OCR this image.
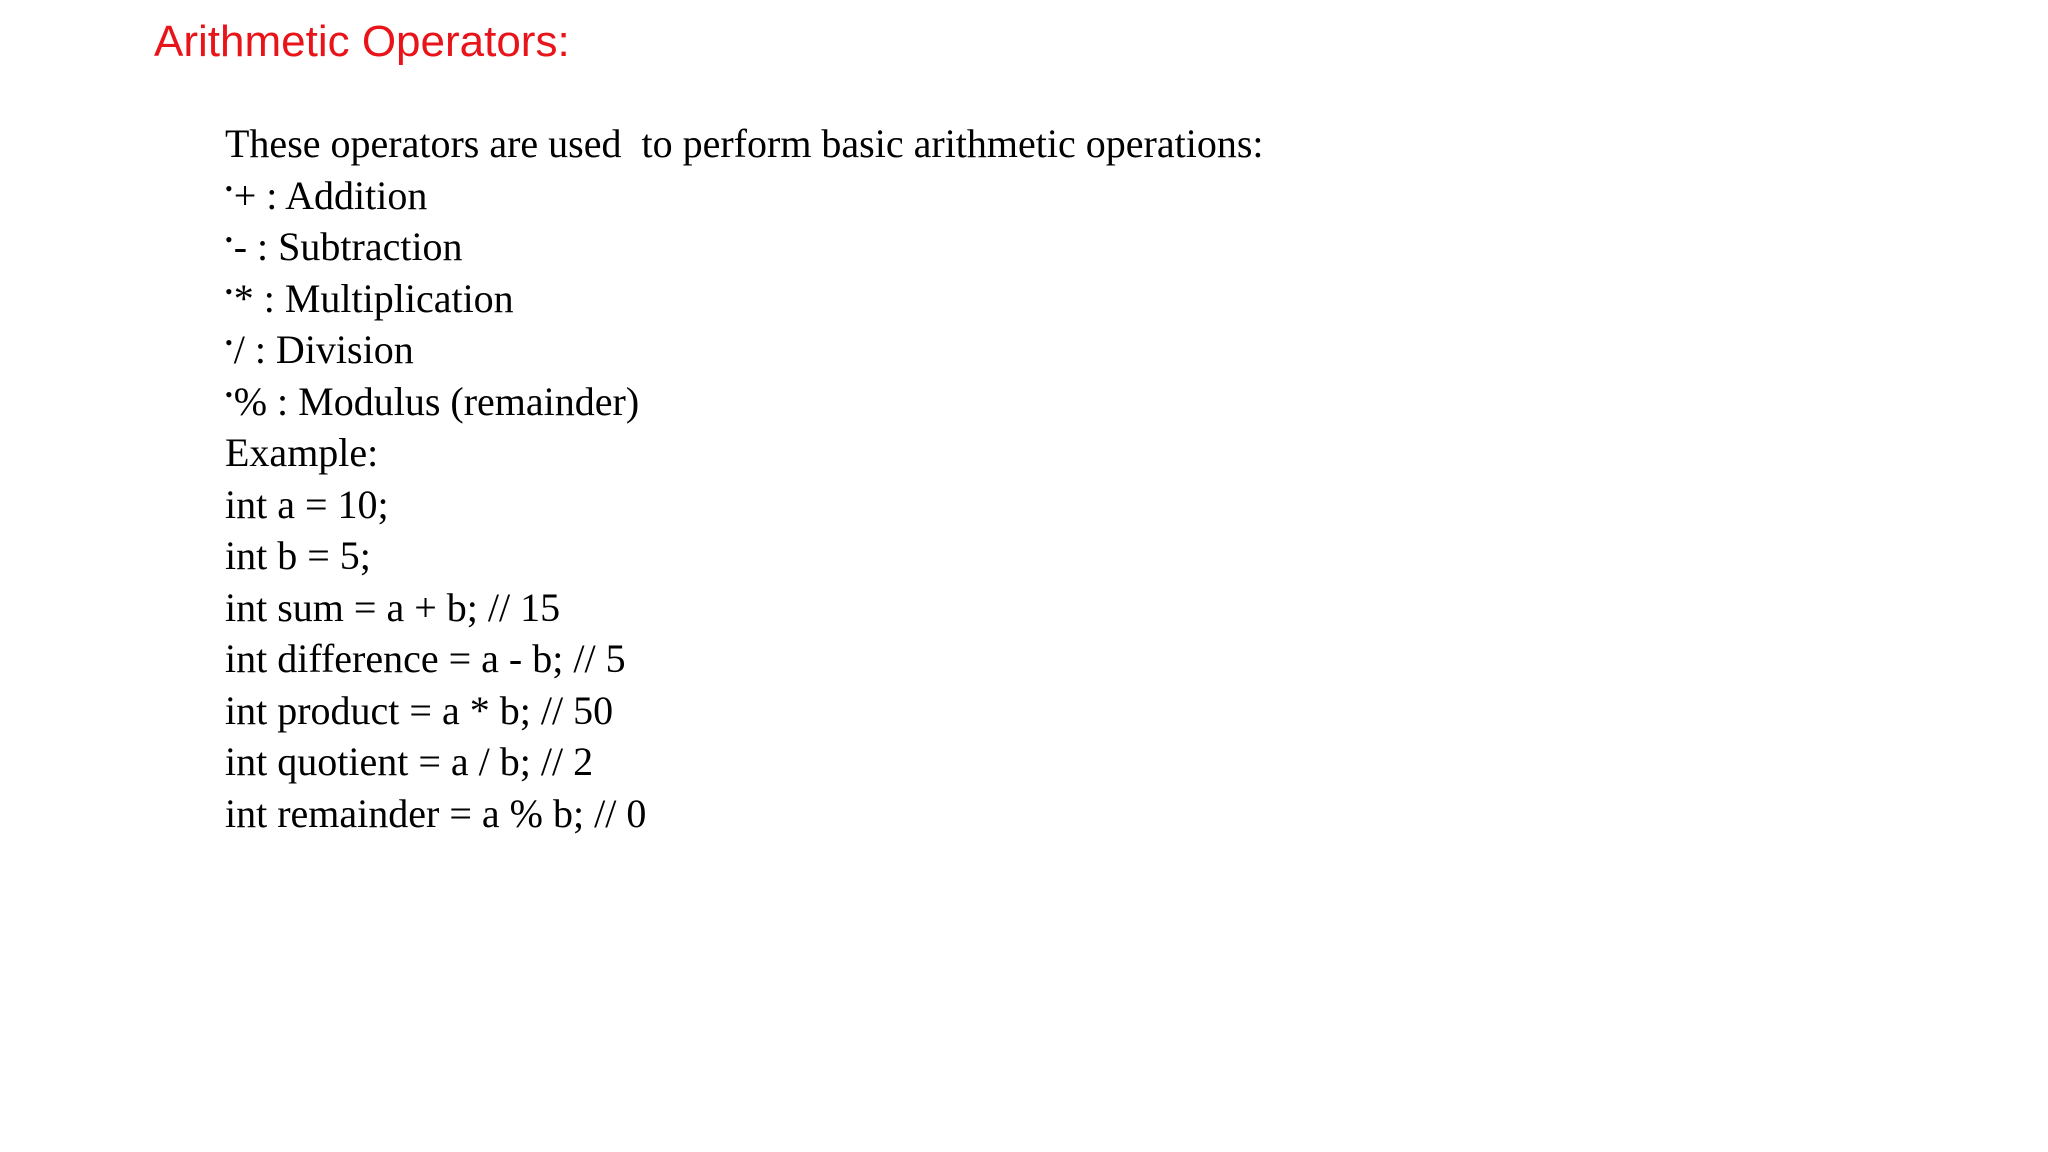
Arithmetic Operators:
These operators are used  to perform basic arithmetic operations:
•+ : Addition
•- : Subtraction
•* : Multiplication
•/ : Division
•% : Modulus (remainder)
Example:
int a = 10;
int b = 5;
int sum = a + b; // 15
int difference = a - b; // 5
int product = a * b; // 50
int quotient = a / b; // 2
int remainder = a % b; // 0
